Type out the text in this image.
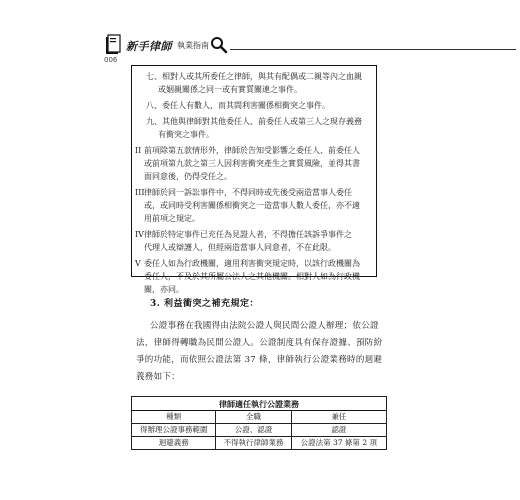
新手律師 執業指南
006
七、相對人或其所委任之律師，與其有配偶或二親等內之血親
或姻親關係之同一或有實質關連之事件。
八、委任人有數人，而其間利害關係相衝突之事件。
九、其他與律師對其他委任人、前委任人或第三人之現存義務
有衝突之事件。
II 前項除第五款情形外，律師於告知受影響之委任人、前委任人
或前項第九款之第三人因利害衝突產生之實質風險，並得其書
面同意後，仍得受任之。
III 律師於同一訴訟事件中，不得同時或先後受兩造當事人委任
或，或同時受利害關係相衝突之一造當事人數人委任，亦不適
用前項之規定。
IV 律師於特定事件已充任為見證人者，不得擔任該訴爭事件之
代理人或辯護人，但經兩造當事人同意者，不在此限。
V 委任人如為行政機關，適用利害衝突規定時，以該行政機關為
委任人，不及於其所屬公法人之其他機關。相對人如為行政機
關，亦同。
3. 利益衝突之補充規定：
公證事務在我國得由法院公證人與民間公證人辦理；依公證
法，律師得轉職為民間公證人。公證制度具有保存證據、預防紛
爭的功能，而依照公證法第 37 條，律師執行公證業務時的迴避
義務如下：
律師適任執行公證業務		
種類	全職	兼任
得辦理公證事務範圍	公證、認證	認證
迴避義務	不得執行律師業務	公證法第 37 條第 2 項
